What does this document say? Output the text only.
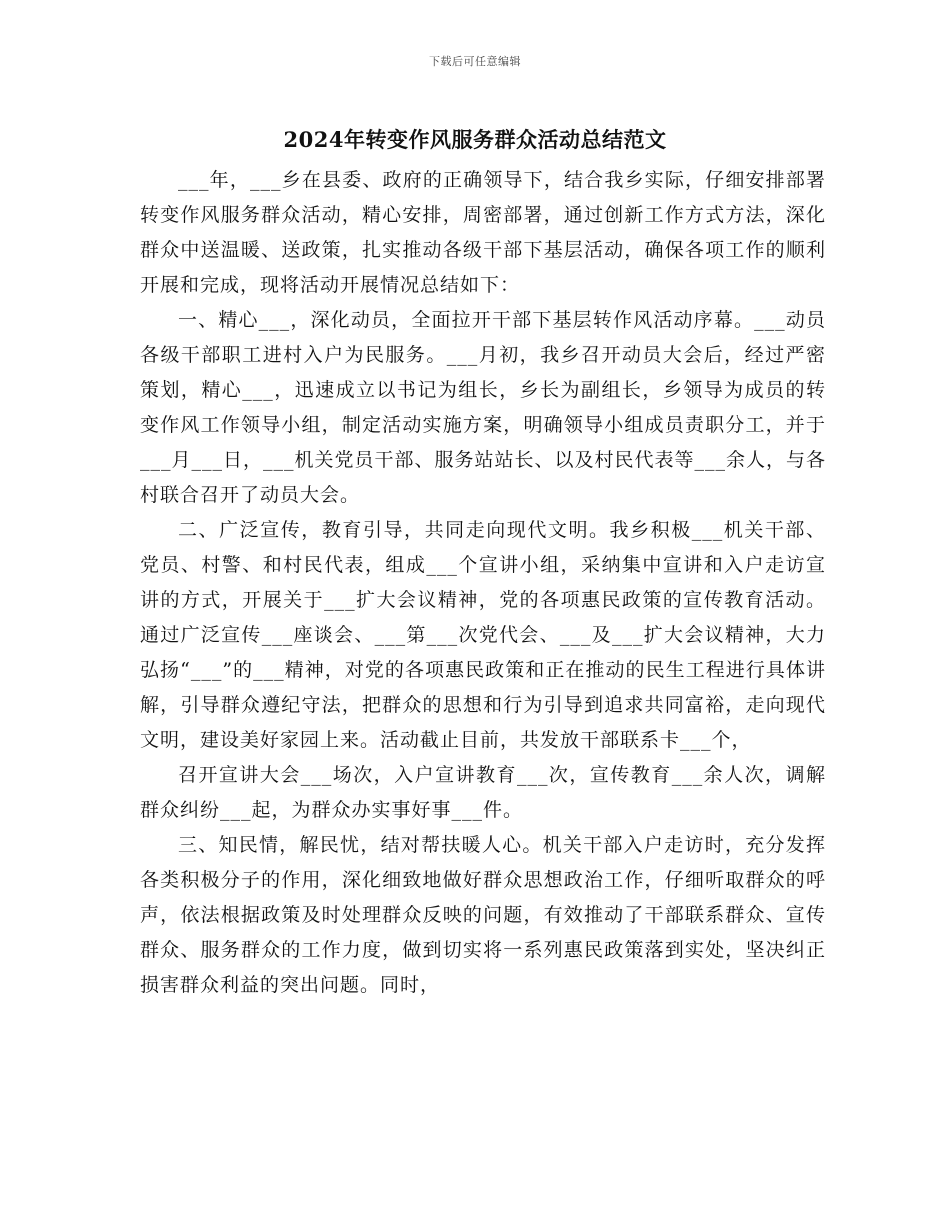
下载后可任意编辑
2024年转变作风服务群众活动总结范文

___年，___乡在县委、政府的正确领导下，结合我乡实际，仔细安排部署转变作风服务群众活动，精心安排，周密部署，通过创新工作方式方法，深化群众中送温暖、送政策，扎实推动各级干部下基层活动，确保各项工作的顺利开展和完成，现将活动开展情况总结如下：

一、精心___，深化动员，全面拉开干部下基层转作风活动序幕。___动员各级干部职工进村入户为民服务。___月初，我乡召开动员大会后，经过严密策划，精心___，迅速成立以书记为组长，乡长为副组长，乡领导为成员的转变作风工作领导小组，制定活动实施方案，明确领导小组成员责职分工，并于___月___日，___机关党员干部、服务站站长、以及村民代表等___余人，与各村联合召开了动员大会。

二、广泛宣传，教育引导，共同走向现代文明。我乡积极___机关干部、党员、村警、和村民代表，组成___个宣讲小组，采纳集中宣讲和入户走访宣讲的方式，开展关于___扩大会议精神，党的各项惠民政策的宣传教育活动。通过广泛宣传___座谈会、___第___次党代会、___及___扩大会议精神，大力弘扬“___”的___精神，对党的各项惠民政策和正在推动的民生工程进行具体讲解，引导群众遵纪守法，把群众的思想和行为引导到追求共同富裕，走向现代文明，建设美好家园上来。活动截止目前，共发放干部联系卡___个，

召开宣讲大会___场次，入户宣讲教育___次，宣传教育___余人次，调解群众纠纷___起，为群众办实事好事___件。

三、知民情，解民忧，结对帮扶暖人心。机关干部入户走访时，充分发挥各类积极分子的作用，深化细致地做好群众思想政治工作，仔细听取群众的呼声，依法根据政策及时处理群众反映的问题，有效推动了干部联系群众、宣传群众、服务群众的工作力度，做到切实将一系列惠民政策落到实处，坚决纠正损害群众利益的突出问题。同时，
